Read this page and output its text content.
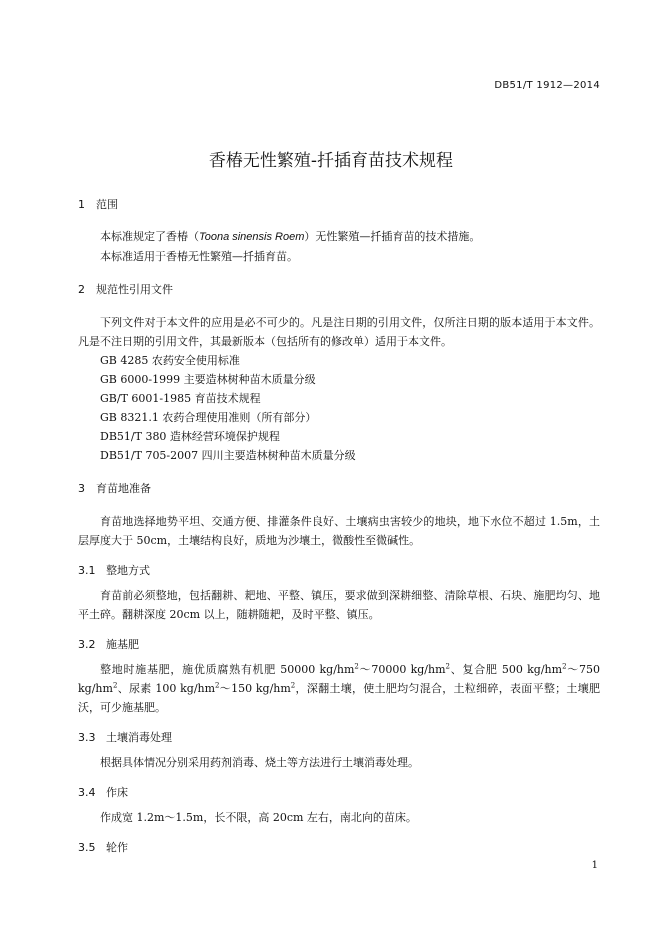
DB51/T 1912—2014
香椿无性繁殖-扦插育苗技术规程
1 范围

本标准规定了香椿（Toona sinensis Roem）无性繁殖—扦插育苗的技术措施。

本标准适用于香椿无性繁殖—扦插育苗。

2 规范性引用文件

下列文件对于本文件的应用是必不可少的。凡是注日期的引用文件，仅所注日期的版本适用于本文件。凡是不注日期的引用文件，其最新版本（包括所有的修改单）适用于本文件。

GB 4285 农药安全使用标准
GB 6000-1999 主要造林树种苗木质量分级
GB/T 6001-1985 育苗技术规程
GB 8321.1 农药合理使用准则（所有部分）
DB51/T 380 造林经营环境保护规程
DB51/T 705-2007 四川主要造林树种苗木质量分级
3 育苗地准备

育苗地选择地势平坦、交通方便、排灌条件良好、土壤病虫害较少的地块，地下水位不超过 1.5m，土层厚度大于 50cm，土壤结构良好，质地为沙壤土，微酸性至微碱性。

3.1 整地方式

育苗前必须整地，包括翻耕、耙地、平整、镇压，要求做到深耕细整、清除草根、石块、施肥均匀、地平土碎。翻耕深度 20cm 以上，随耕随耙，及时平整、镇压。

3.2 施基肥

整地时施基肥，施优质腐熟有机肥 50000 $kg/hm^2\sim 70000$ $kg/hm^2$、复合肥 500 $kg/hm^2\sim 750$ $kg/hm^2$、尿素 100 $kg/hm^2\sim 150$ $kg/hm^2$，深翻土壤，使土肥均匀混合，土粒细碎，表面平整；土壤肥沃，可少施基肥。

3.3 土壤消毒处理

根据具体情况分别采用药剂消毒、烧土等方法进行土壤消毒处理。

3.4 作床

作成宽 1.2m～1.5m，长不限，高 20cm 左右，南北向的苗床。

3.5 轮作
1
